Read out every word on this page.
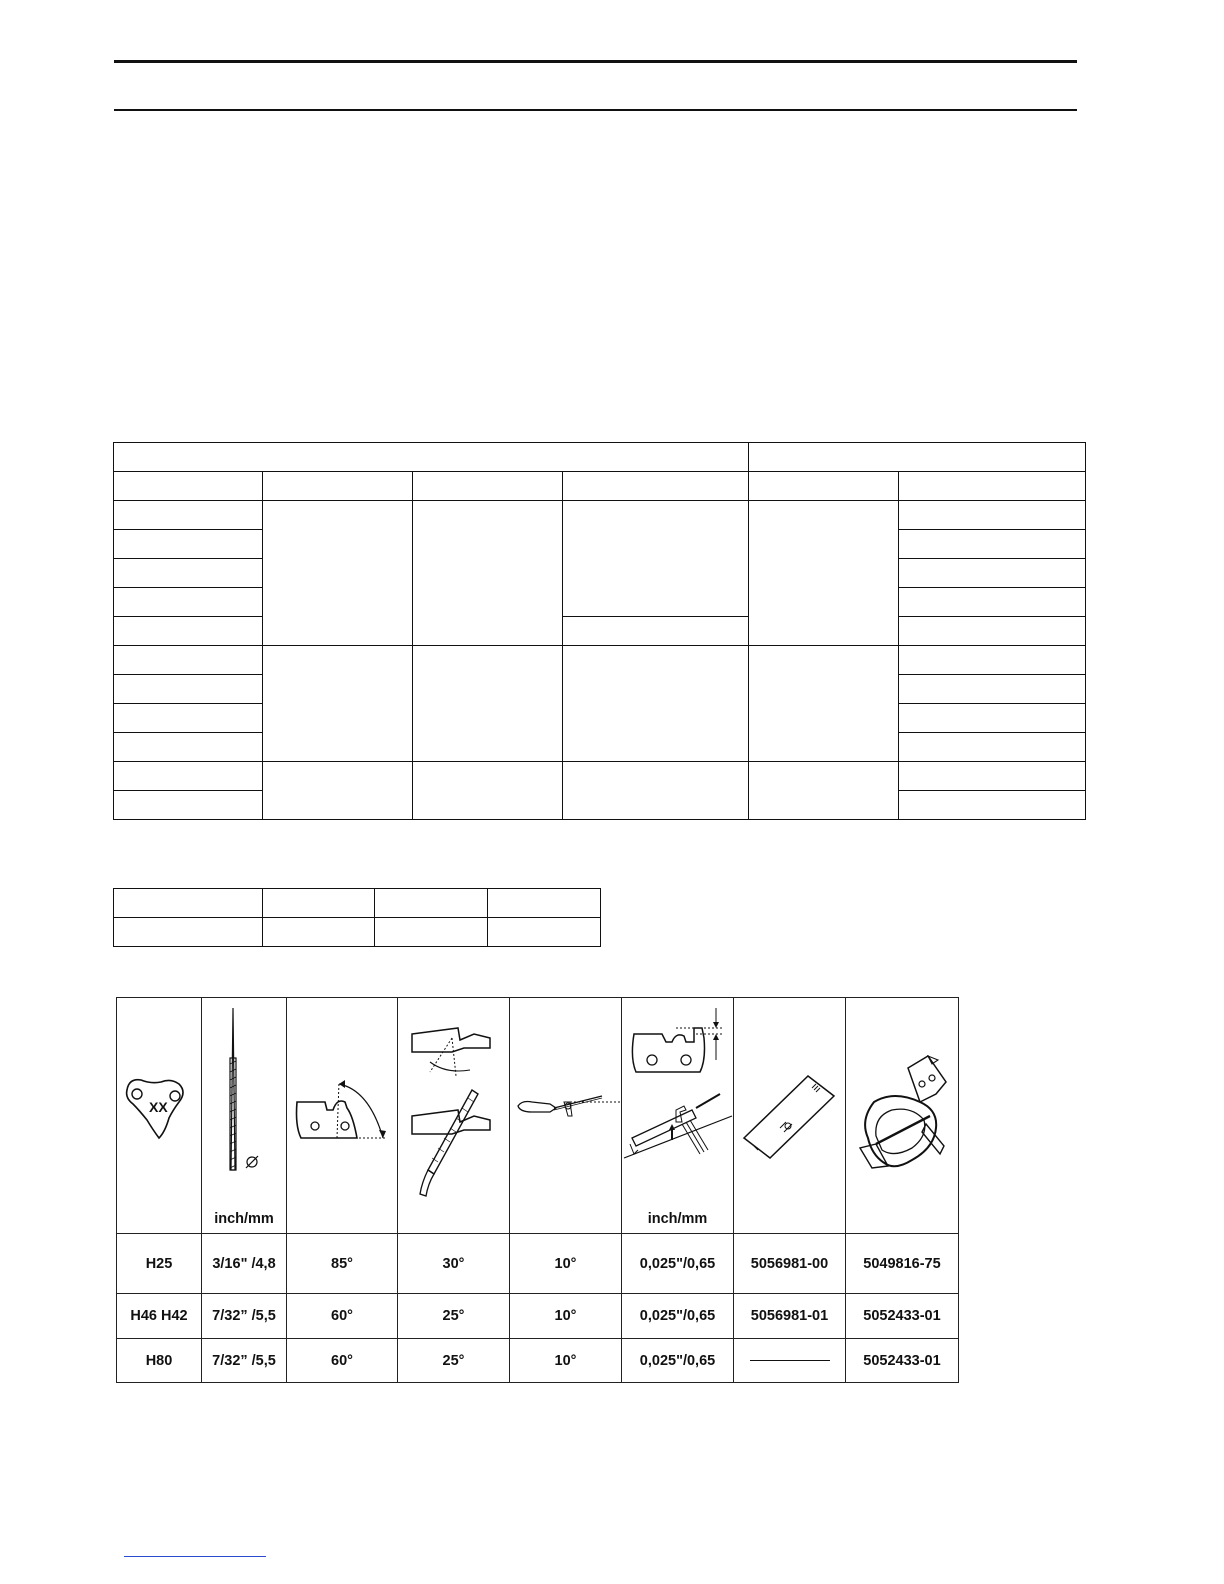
XX	inch/mm				inch/mm

H25	3/16" /4,8	85°	30°	10°	0,025"/0,65	5056981-00	5049816-75
H46 H42	7/32” /5,5	60°	25°	10°	0,025"/0,65	5056981-01	5052433-01
H80	7/32” /5,5	60°	25°	10°	0,025"/0,65		5052433-01
